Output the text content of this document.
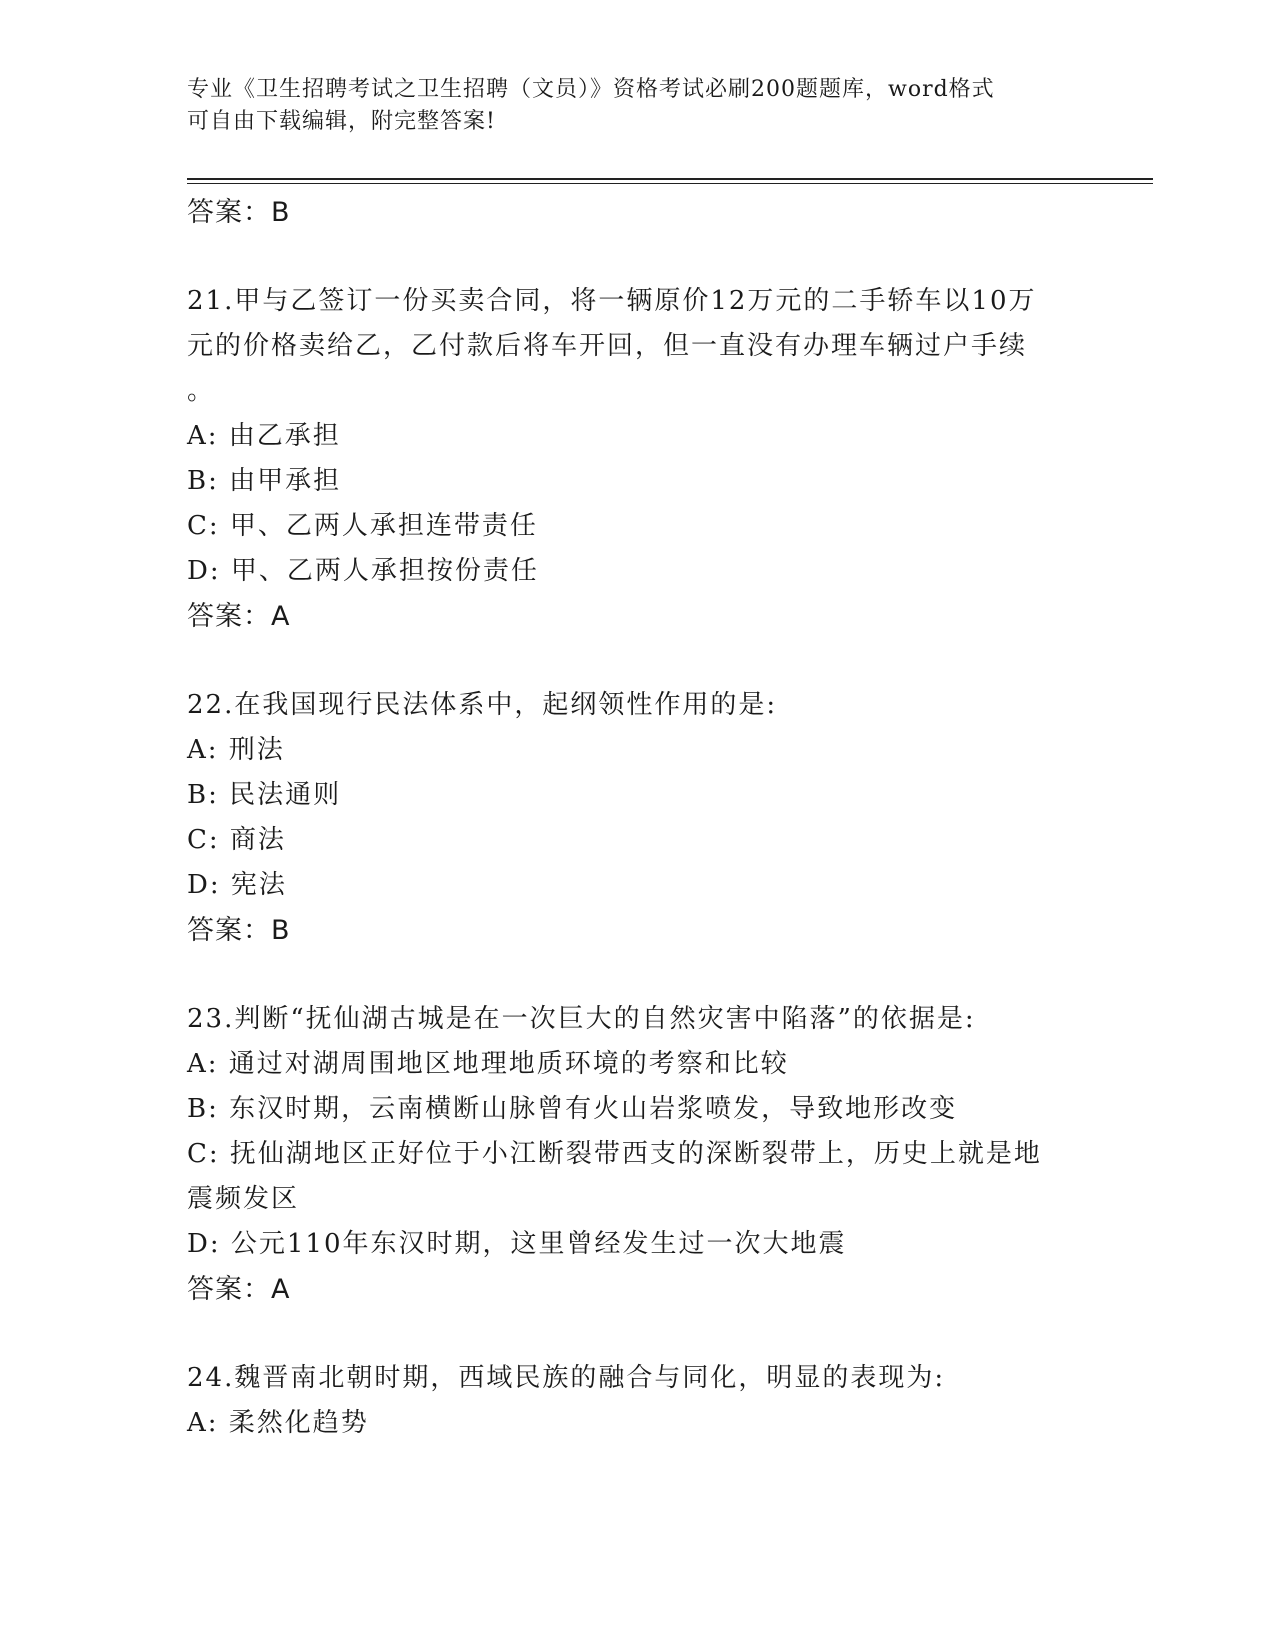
专业《卫生招聘考试之卫生招聘（文员）》资格考试必刷200题题库，word格式
可自由下载编辑，附完整答案!
答案：B
21.甲与乙签订一份买卖合同，将一辆原价12万元的二手轿车以10万
元的价格卖给乙，乙付款后将车开回，但一直没有办理车辆过户手续
。
A: 由乙承担
B: 由甲承担
C: 甲、乙两人承担连带责任
D: 甲、乙两人承担按份责任
答案：A
22.在我国现行民法体系中，起纲领性作用的是:
A: 刑法
B: 民法通则
C: 商法
D: 宪法
答案：B
23.判断“抚仙湖古城是在一次巨大的自然灾害中陷落”的依据是:
A: 通过对湖周围地区地理地质环境的考察和比较
B: 东汉时期，云南横断山脉曾有火山岩浆喷发，导致地形改变
C: 抚仙湖地区正好位于小江断裂带西支的深断裂带上，历史上就是地
震频发区
D: 公元110年东汉时期，这里曾经发生过一次大地震
答案：A
24.魏晋南北朝时期，西域民族的融合与同化，明显的表现为:
A: 柔然化趋势
